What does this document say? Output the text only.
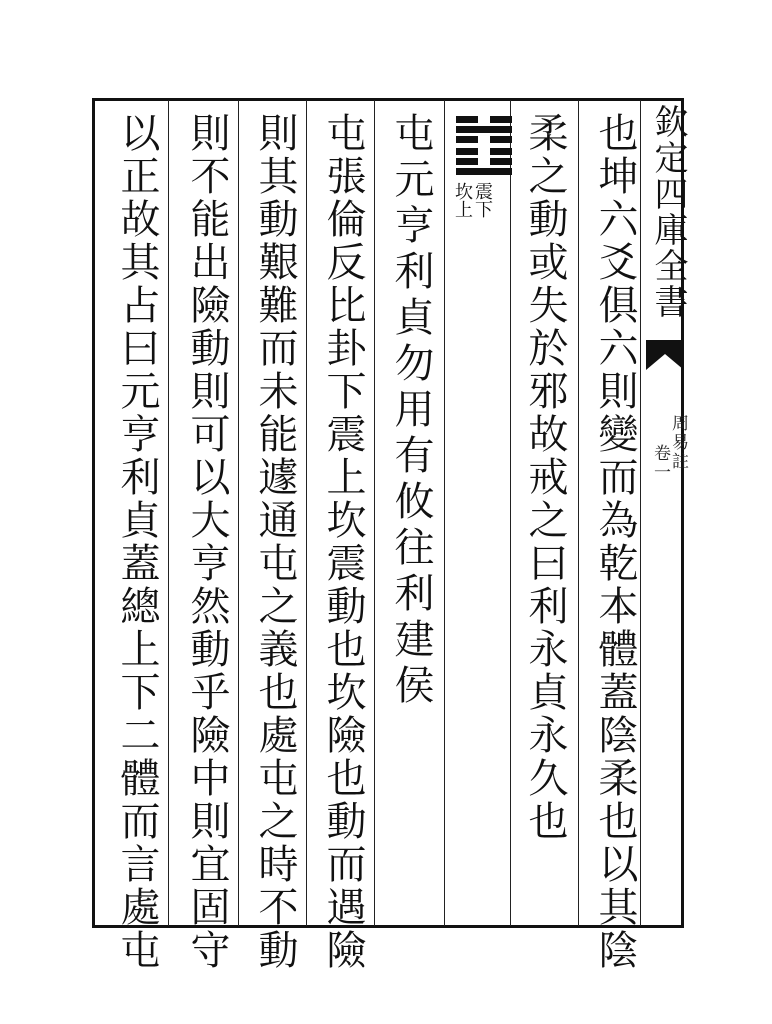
欽定四庫全書
周易註
卷一
也坤六爻俱六則變而為乾本體蓋陰柔也以其陰
柔之動或失於邪故戒之曰利永貞永久也
震下
坎上
屯元亨利貞勿用有攸往利建侯
屯張倫反比卦下震上坎震動也坎險也動而遇險
則其動艱難而未能遽通屯之義也處屯之時不動
則不能出險動則可以大亨然動乎險中則宜固守
以正故其占曰元亨利貞蓋總上下二體而言處屯
